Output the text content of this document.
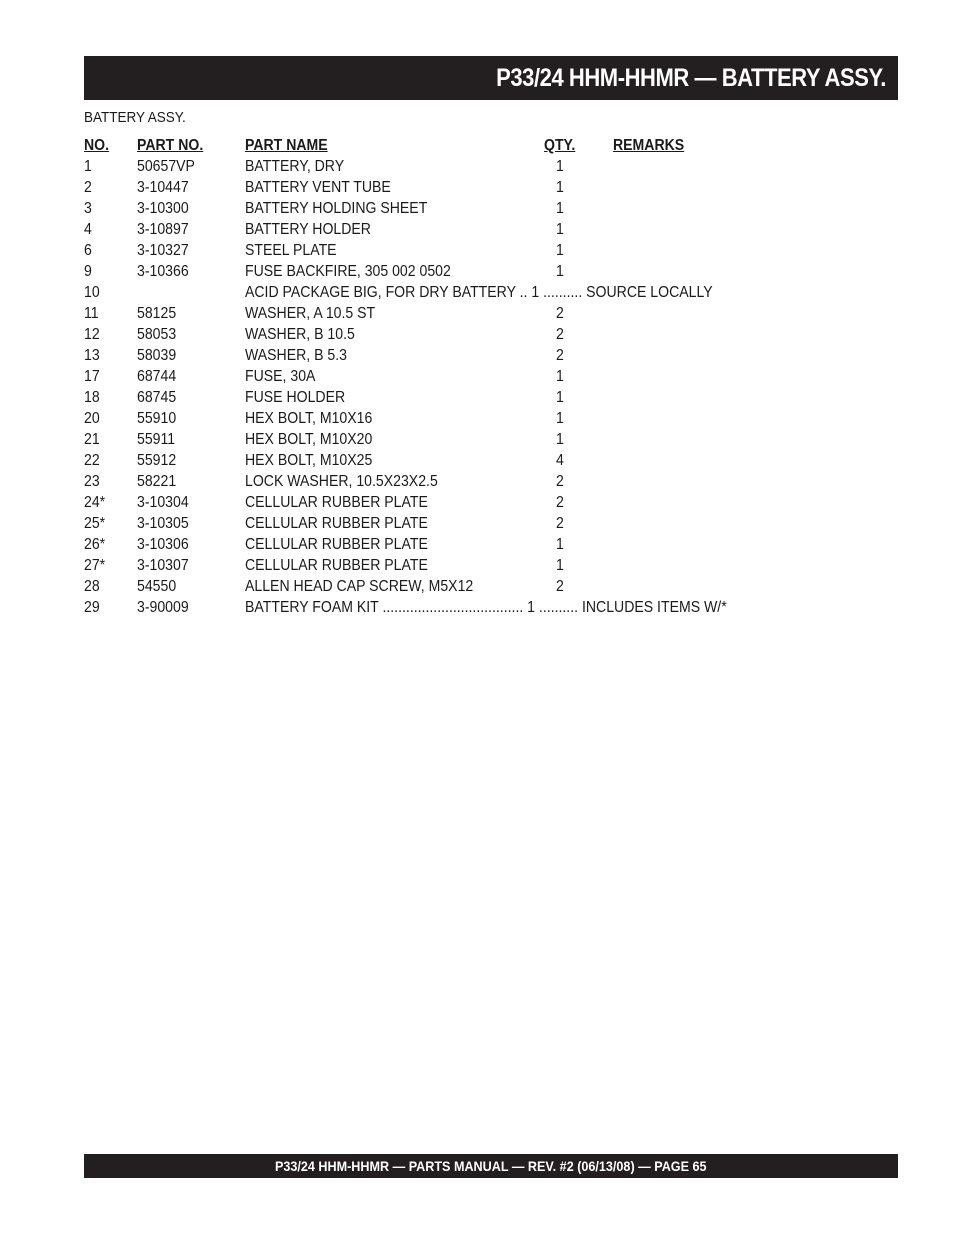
P33/24 HHM-HHMR — BATTERY ASSY.
BATTERY ASSY.
NO. PART NO.	PART NAME	QTY. REMARKS
1	50657VP	BATTERY, DRY	1
2	3-10447	BATTERY VENT TUBE	1
3	3-10300	BATTERY HOLDING SHEET	1
4	3-10897	BATTERY HOLDER	1
6	3-10327	STEEL PLATE	1
9	3-10366	FUSE BACKFIRE, 305 002 0502	1
10	ACID PACKAGE BIG, FOR DRY BATTERY .. 1 .......... SOURCE LOCALLY
11 58125	WASHER, A 10.5 ST	2
12 58053	WASHER, B 10.5	2
13 58039	WASHER, B 5.3	2
17 68744	FUSE, 30A	1
18 68745	FUSE HOLDER	1
20 55910	HEX BOLT, M10X16	1
21 55911	HEX BOLT, M10X20	1
22 55912	HEX BOLT, M10X25	4
23 58221	LOCK WASHER, 10.5X23X2.5	2
24* 3-10304	CELLULAR RUBBER PLATE	2
25* 3-10305	CELLULAR RUBBER PLATE	2
26* 3-10306	CELLULAR RUBBER PLATE	1
27* 3-10307	CELLULAR RUBBER PLATE	1
28 54550	ALLEN HEAD CAP SCREW, M5X12	2
29 3-90009	BATTERY FOAM KIT .................................... 1 .......... INCLUDES ITEMS W/*
P33/24 HHM-HHMR — PARTS MANUAL — REV. #2 (06/13/08) — PAGE 65
